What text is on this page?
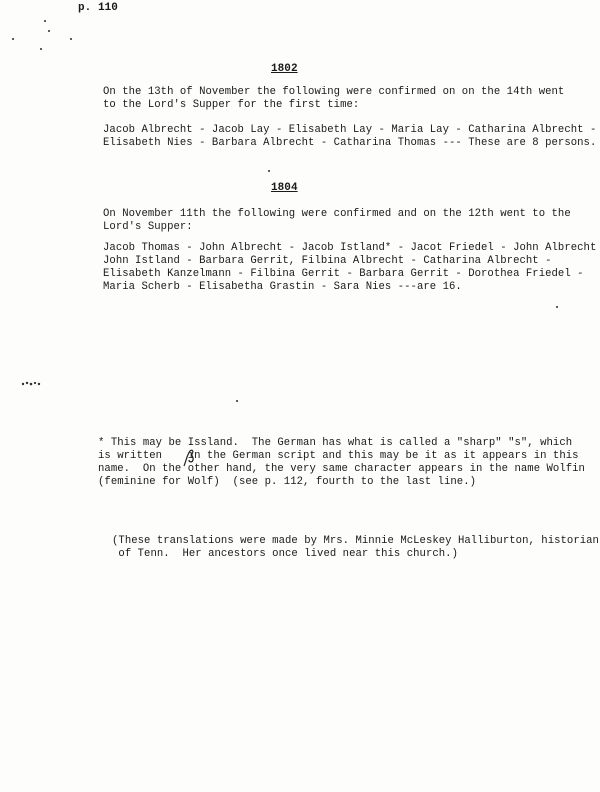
p. 110
1802
On the 13th of November the following were confirmed on on the 14th went
to the Lord's Supper for the first time:
Jacob Albrecht - Jacob Lay - Elisabeth Lay - Maria Lay - Catharina Albrecht -
Elisabeth Nies - Barbara Albrecht - Catharina Thomas --- These are 8 persons.
1804
On November 11th the following were confirmed and on the 12th went to the
Lord's Supper:
Jacob Thomas - John Albrecht - Jacob Istland* - Jacot Friedel - John Albrecht
John Istland - Barbara Gerrit, Filbina Albrecht - Catharina Albrecht -
Elisabeth Kanzelmann - Filbina Gerrit - Barbara Gerrit - Dorothea Friedel -
Maria Scherb - Elisabetha Grastin - Sara Nies ---are 16.
* This may be Issland.  The German has what is called a "sharp" "s", which
is written    in the German script and this may be it as it appears in this
name.  On the other hand, the very same character appears in the name Wolfin
(feminine for Wolf)  (see p. 112, fourth to the last line.)
(These translations were made by Mrs. Minnie McLeskey Halliburton, historian
of Tenn.  Her ancestors once lived near this church.)
